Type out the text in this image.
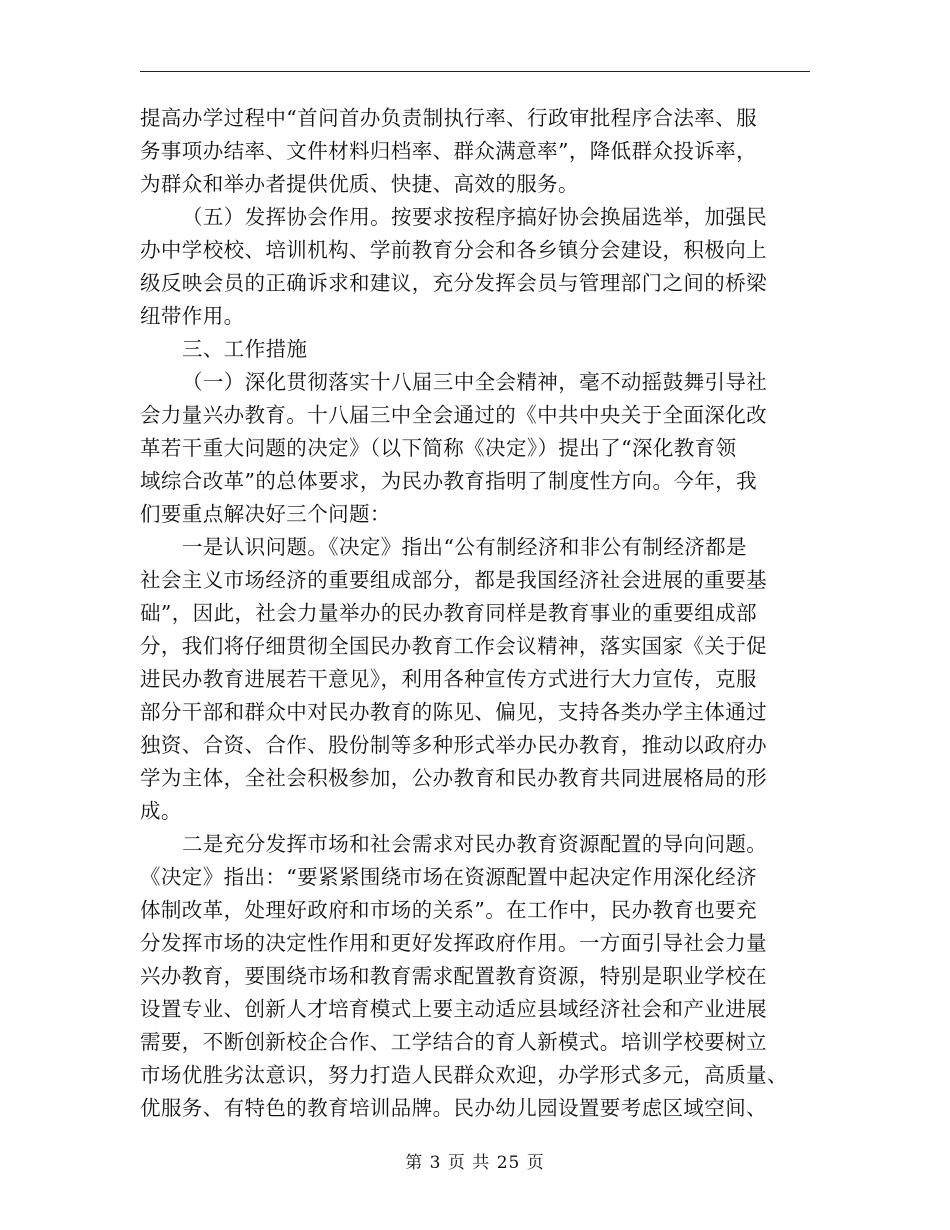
提高办学过程中“首问首办负责制执行率、行政审批程序合法率、服
务事项办结率、文件材料归档率、群众满意率”，降低群众投诉率，
为群众和举办者提供优质、快捷、高效的服务。
（五）发挥协会作用。按要求按程序搞好协会换届选举，加强民
办中学校校、培训机构、学前教育分会和各乡镇分会建设，积极向上
级反映会员的正确诉求和建议，充分发挥会员与管理部门之间的桥梁
纽带作用。
三、工作措施
（一）深化贯彻落实十八届三中全会精神，毫不动摇鼓舞引导社
会力量兴办教育。十八届三中全会通过的《中共中央关于全面深化改
革若干重大问题的决定》（以下简称《决定》）提出了“深化教育领
域综合改革”的总体要求，为民办教育指明了制度性方向。今年，我
们要重点解决好三个问题：
一是认识问题。《决定》指出“公有制经济和非公有制经济都是
社会主义市场经济的重要组成部分，都是我国经济社会进展的重要基
础”，因此，社会力量举办的民办教育同样是教育事业的重要组成部
分，我们将仔细贯彻全国民办教育工作会议精神，落实国家《关于促
进民办教育进展若干意见》，利用各种宣传方式进行大力宣传，克服
部分干部和群众中对民办教育的陈见、偏见，支持各类办学主体通过
独资、合资、合作、股份制等多种形式举办民办教育，推动以政府办
学为主体，全社会积极参加，公办教育和民办教育共同进展格局的形
成。
二是充分发挥市场和社会需求对民办教育资源配置的导向问题。
《决定》指出：“要紧紧围绕市场在资源配置中起决定作用深化经济
体制改革，处理好政府和市场的关系”。在工作中，民办教育也要充
分发挥市场的决定性作用和更好发挥政府作用。一方面引导社会力量
兴办教育，要围绕市场和教育需求配置教育资源，特别是职业学校在
设置专业、创新人才培育模式上要主动适应县域经济社会和产业进展
需要，不断创新校企合作、工学结合的育人新模式。培训学校要树立
市场优胜劣汰意识，努力打造人民群众欢迎，办学形式多元，高质量、
优服务、有特色的教育培训品牌。民办幼儿园设置要考虑区域空间、
第 3 页 共 25 页
